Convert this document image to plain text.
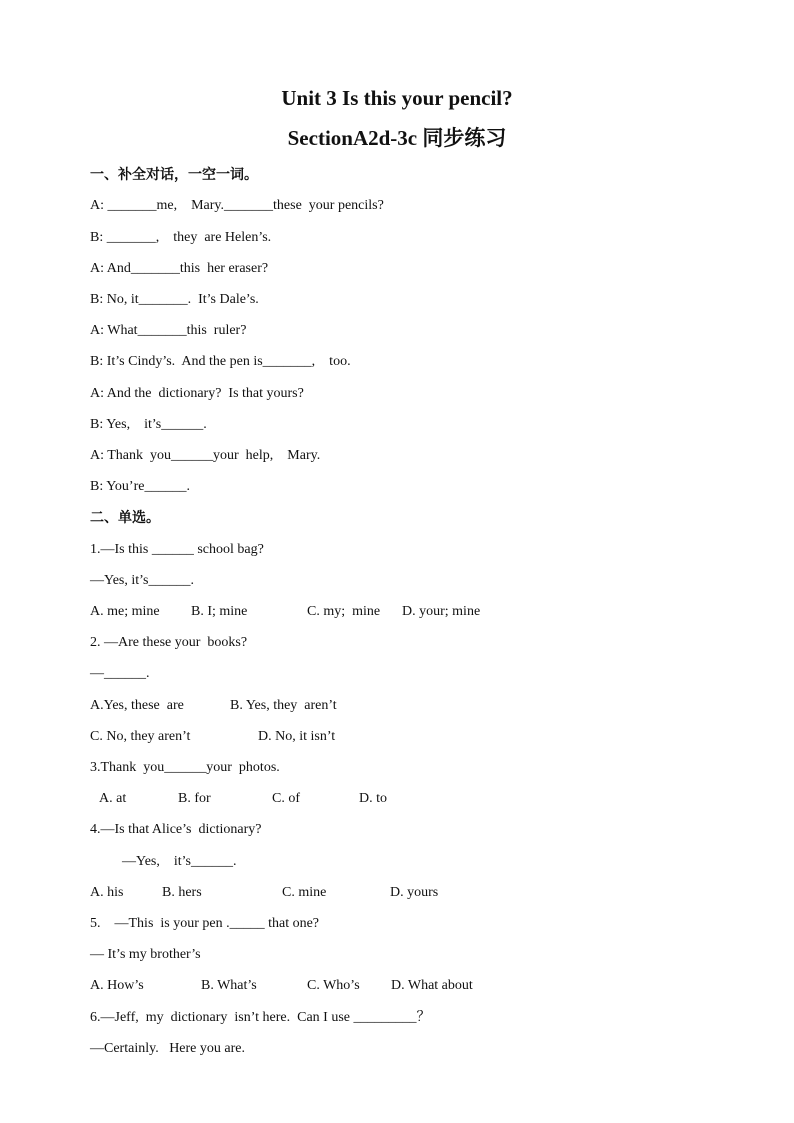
Unit 3 Is this your pencil?
SectionA2d-3c 同步练习

一、补全对话，一空一词。

A: _______me,    Mary._______these  your pencils?

B: _______,    they  are Helen’s.

A: And_______this  her eraser?

B: No, it_______.  It’s Dale’s.

A: What_______this  ruler?

B: It’s Cindy’s.  And the pen is_______,    too.

A: And the  dictionary?  Is that yours?

B: Yes,    it’s______.

A: Thank  you______your  help,    Mary.

B: You’re______.

二、单选。

1.—Is this ______ school bag?

—Yes, it’s______.

A. me; mine B. I; mine	C. my;  mine D. your; mine

2. —Are these your  books?

—______.

A.Yes, these  are	B. Yes, they  aren’t
C. No, they aren’t	D. No, it isn’t

3.Thank  you______your  photos.

A. at	B. for	C. of	D. to

4.—Is that Alice’s  dictionary?

—Yes,    it’s______.

A. his	B. hers	C. mine	D. yours

5.    —This  is your pen ._____ that one?

— It’s my brother’s

A. How’s	B. What’s	C. Who’s D. What about

6.—Jeff,  my  dictionary  isn’t here.  Can I use _________？

—Certainly.   Here you are.
